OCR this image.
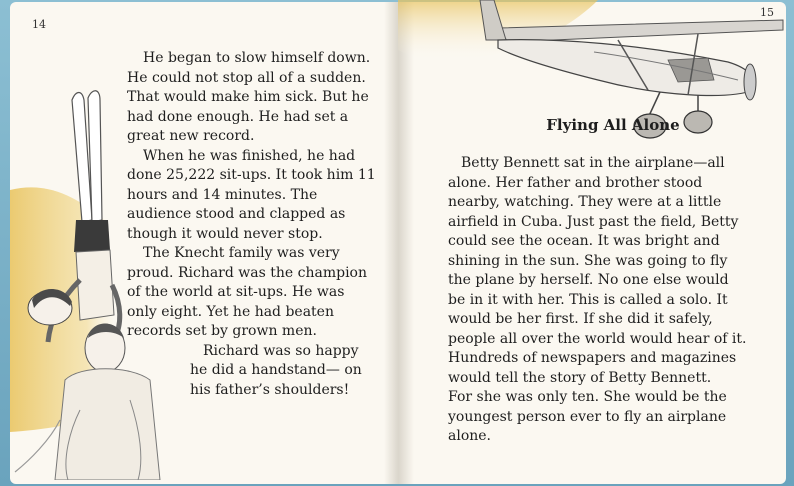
14
15

He began to slow himself down. He could not stop all of a sudden. That would make him sick. But he had done enough. He had set a great new record.

When he was finished, he had done 25,222 sit-ups. It took him 11 hours and 14 minutes. The audience stood and clapped as though it would never stop.

The Knecht family was very proud. Richard was the champion of the world at sit-ups. He was only eight. Yet he had beaten records set by grown men.

Richard was so happy he did a handstand— on his father’s shoulders!

Flying All Alone

Betty Bennett sat in the airplane—all alone. Her father and brother stood nearby, watching. They were at a little airfield in Cuba. Just past the field, Betty could see the ocean. It was bright and shining in the sun. She was going to fly the plane by herself. No one else would be in it with her. This is called a solo. It would be her first. If she did it safely, people all over the world would hear of it. Hundreds of newspapers and magazines would tell the story of Betty Bennett.

For she was only ten. She would be the youngest person ever to fly an airplane alone.
